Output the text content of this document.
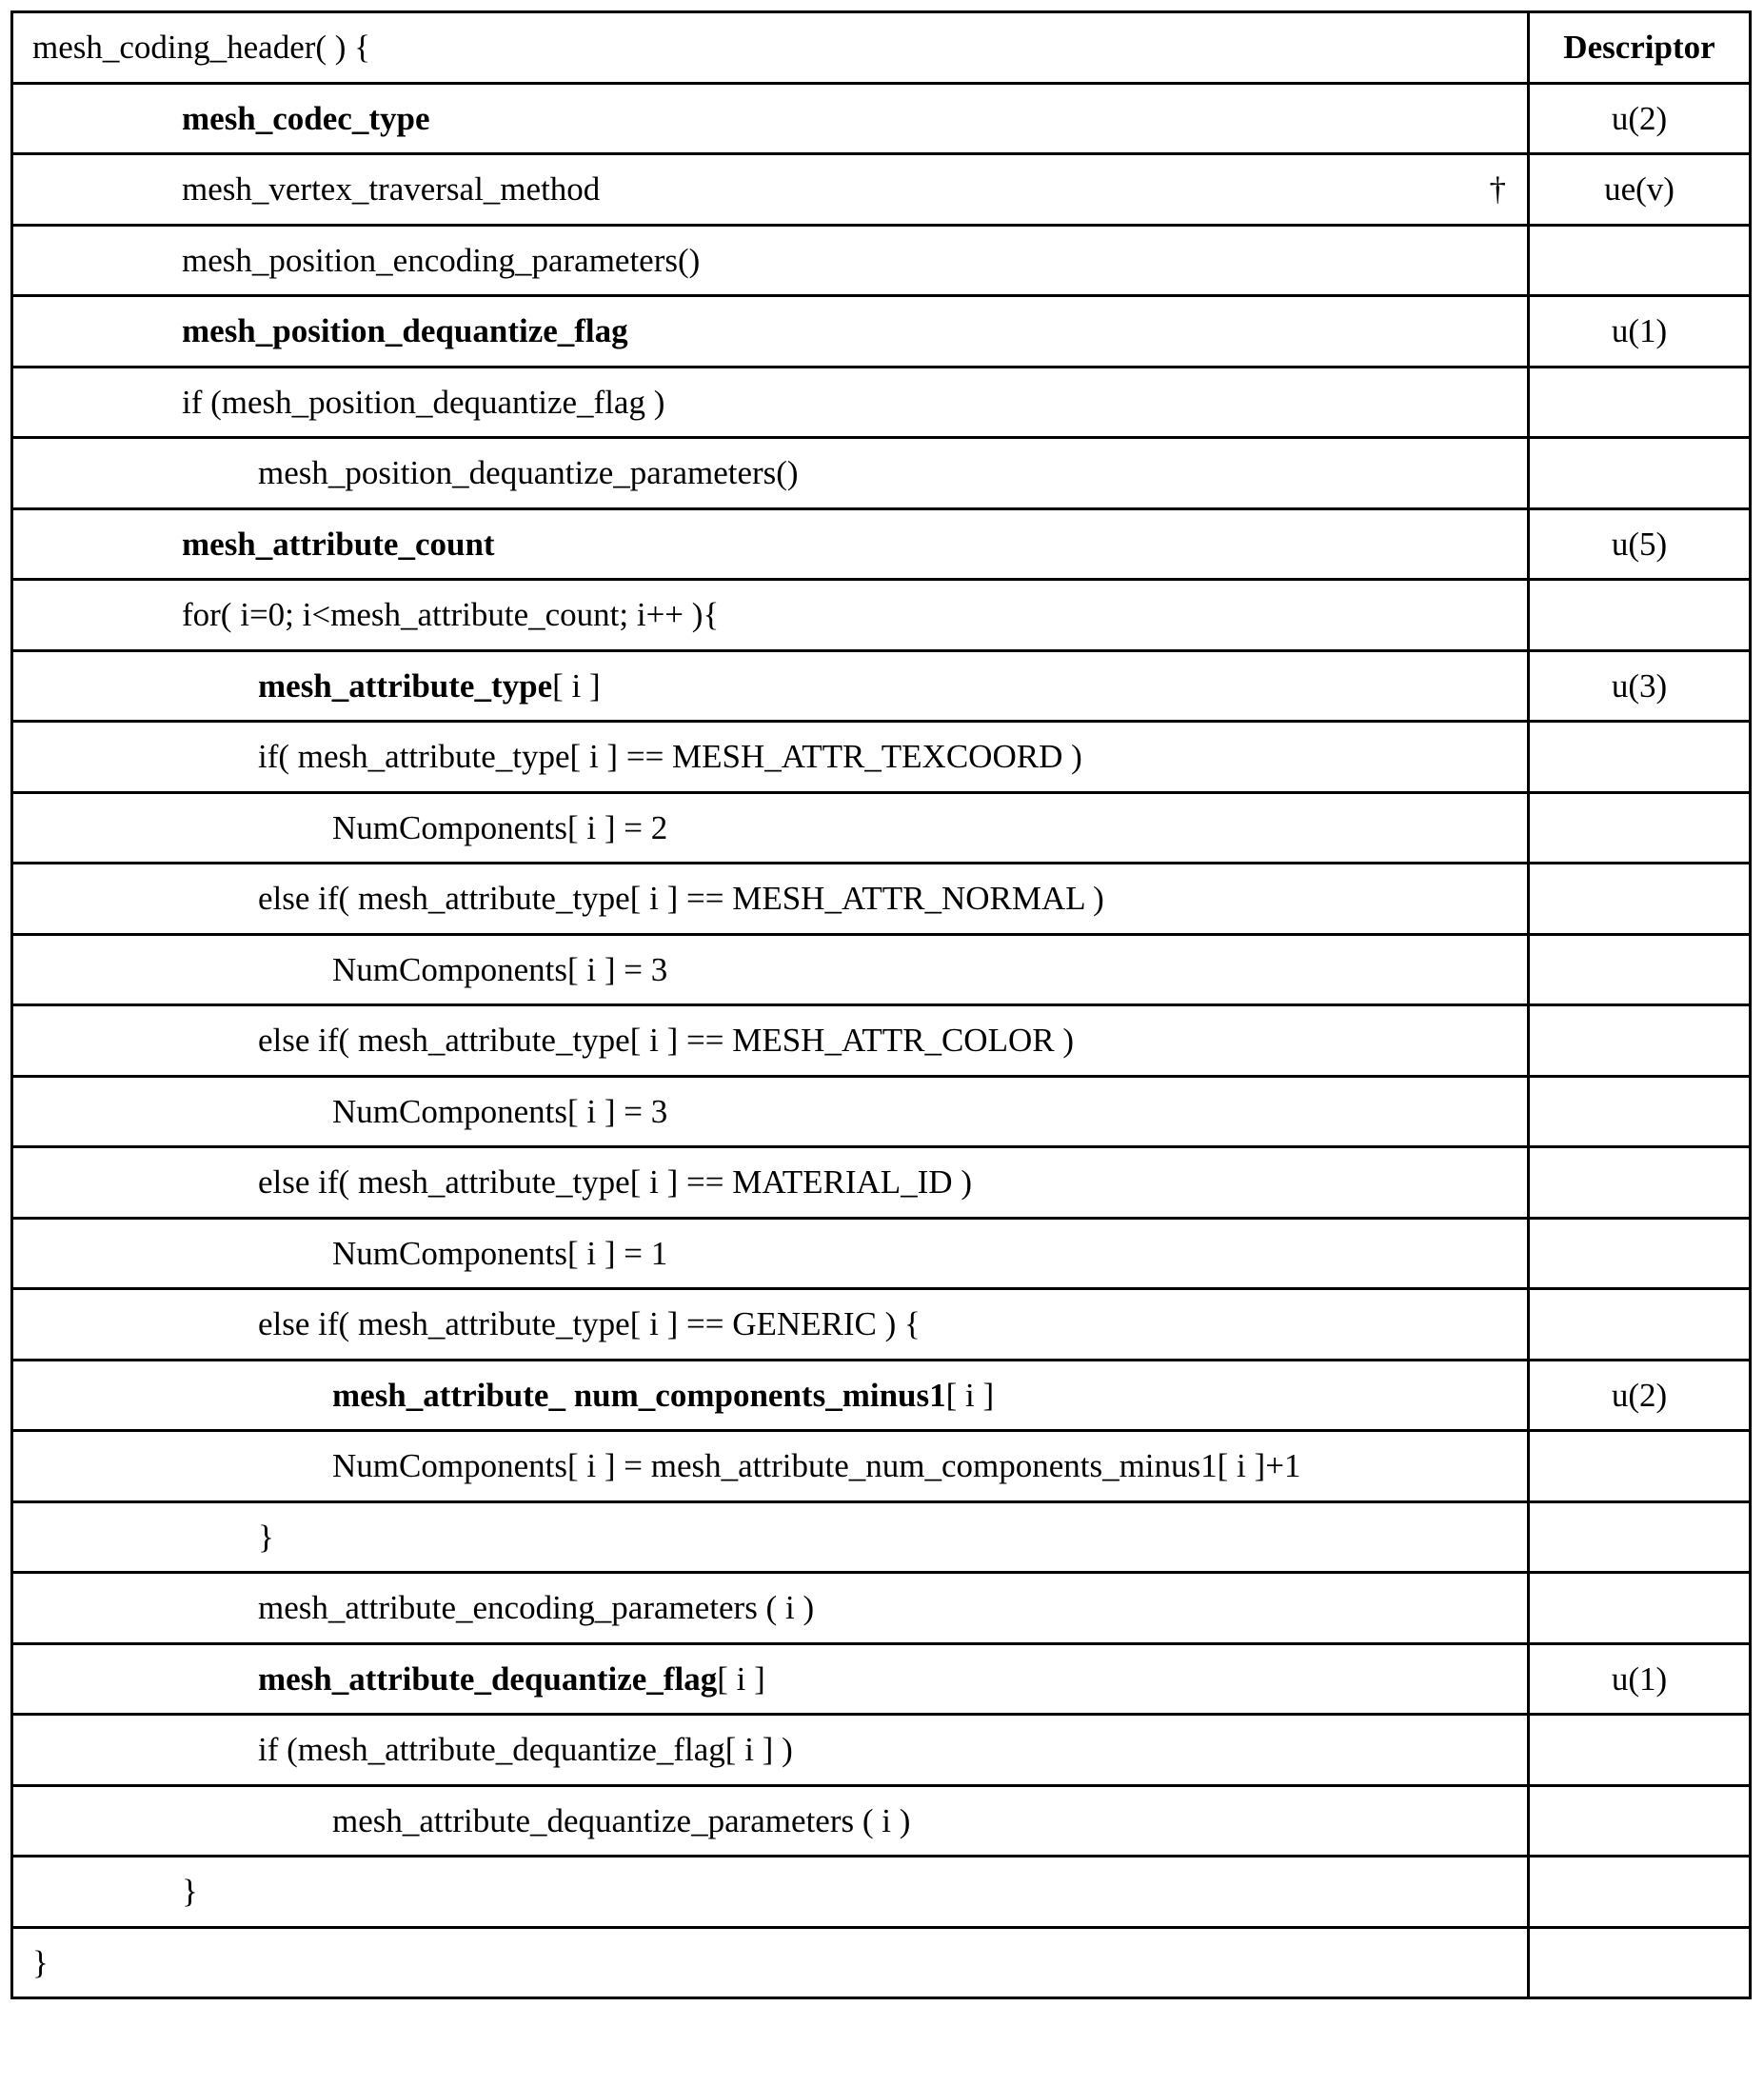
mesh_coding_header( ) {	Descriptor

mesh_codec_type	u(2)

mesh_vertex_traversal_method	†	ue(v)

mesh_position_encoding_parameters()

mesh_position_dequantize_flag	u(1)

if (mesh_position_dequantize_flag )

mesh_position_dequantize_parameters()

mesh_attribute_count	u(5)

for( i=0; i<mesh_attribute_count; i++ ){

mesh_attribute_type[ i ]	u(3)

if( mesh_attribute_type[ i ] == MESH_ATTR_TEXCOORD )

NumComponents[ i ] = 2

else if( mesh_attribute_type[ i ] == MESH_ATTR_NORMAL )

NumComponents[ i ] = 3

else if( mesh_attribute_type[ i ] == MESH_ATTR_COLOR )

NumComponents[ i ] = 3

else if( mesh_attribute_type[ i ] == MATERIAL_ID )

NumComponents[ i ] = 1

else if( mesh_attribute_type[ i ] == GENERIC ) {

mesh_attribute_ num_components_minus1[ i ]	u(2)

NumComponents[ i ] = mesh_attribute_num_components_minus1[ i ]+1

}

mesh_attribute_encoding_parameters ( i )

mesh_attribute_dequantize_flag[ i ]	u(1)

if (mesh_attribute_dequantize_flag[ i ] )

mesh_attribute_dequantize_parameters ( i )

}

}
